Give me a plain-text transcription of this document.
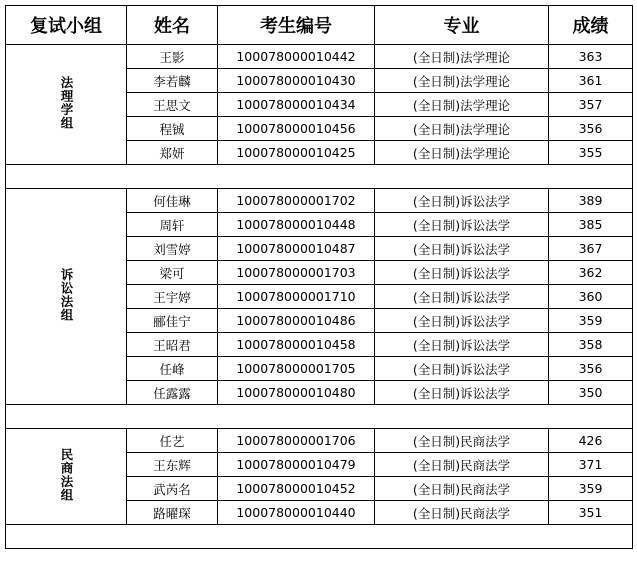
复试小组	姓名	考生编号	专业	成绩
法理学组	王影	100078000010442	(全日制)法学理论	363
	李若麟	100078000010430	(全日制)法学理论	361
	王思文	100078000010434	(全日制)法学理论	357
	程铖	100078000010456	(全日制)法学理论	356
	郑妍	100078000010425	(全日制)法学理论	355

诉讼法组	何佳琳	100078000001702	(全日制)诉讼法学	389
	周轩	100078000010448	(全日制)诉讼法学	385
	刘雪婷	100078000010487	(全日制)诉讼法学	367
	梁可	100078000001703	(全日制)诉讼法学	362
	王宇婷	100078000001710	(全日制)诉讼法学	360
	郦佳宁	100078000010486	(全日制)诉讼法学	359
	王昭君	100078000010458	(全日制)诉讼法学	358
	任峰	100078000001705	(全日制)诉讼法学	356
	任露露	100078000010480	(全日制)诉讼法学	350

民商法组	任艺	100078000001706	(全日制)民商法学	426
	王东辉	100078000010479	(全日制)民商法学	371
	武芮名	100078000010452	(全日制)民商法学	359
	路曜琛	100078000010440	(全日制)民商法学	351
